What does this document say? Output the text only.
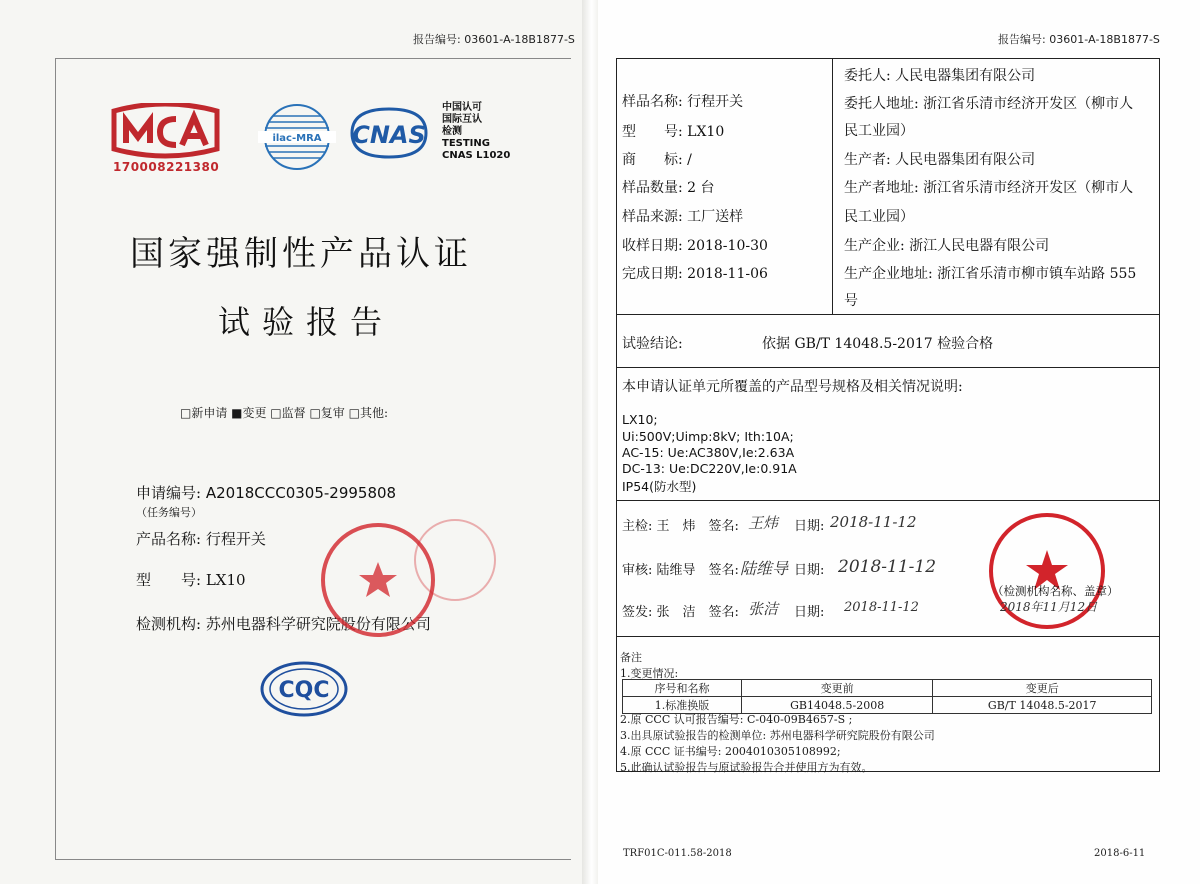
报告编号: 03601-A-18B1877-S

170008221380
ilac-MRA CNAS
中国认可
国际互认
检测
TESTING
CNAS L1020
国家强制性产品认证
试验报告
□新申请 ■变更 □监督 □复审 □其他:
申请编号: A2018CCC0305-2995808
（任务编号）
产品名称: 行程开关
型　　号: LX10
检测机构: 苏州电器科学研究院股份有限公司
CQC
报告编号: 03601-A-18B1877-S
样品名称: 行程开关
型　　号: LX10
商　　标: /
样品数量: 2 台
样品来源: 工厂送样
收样日期: 2018-10-30
完成日期: 2018-11-06
委托人: 人民电器集团有限公司
委托人地址: 浙江省乐清市经济开发区（柳市人
民工业园）
生产者: 人民电器集团有限公司
生产者地址: 浙江省乐清市经济开发区（柳市人
民工业园）
生产企业: 浙江人民电器有限公司
生产企业地址: 浙江省乐清市柳市镇车站路 555
号
试验结论:	依据 GB/T 14048.5-2017 检验合格
本申请认证单元所覆盖的产品型号规格及相关情况说明:
LX10;
Ui:500V;Uimp:8kV; Ith:10A;
AC-15: Ue:AC380V,Ie:2.63A
DC-13: Ue:DC220V,Ie:0.91A
IP54(防水型)
主检: 王　炜　签名: 王炜 日期: 2018-11-12
审核: 陆维导　签名: 陆维导 日期: 2018-11-12
签发: 张　洁　签名: 张洁 日期: 2018-11-12
（检测机构名称、盖章）
2018年11月12日
备注
1.变更情况:
序号和名称	变更前	变更后
1.标准换版	GB14048.5-2008	GB/T 14048.5-2017
2.原 CCC 认可报告编号: C-040-09B4657-S ;
3.出具原试验报告的检测单位: 苏州电器科学研究院股份有限公司
4.原 CCC 证书编号: 2004010305108992;
5.此确认试验报告与原试验报告合并使用方为有效。
TRF01C-011.58-2018	2018-6-11
